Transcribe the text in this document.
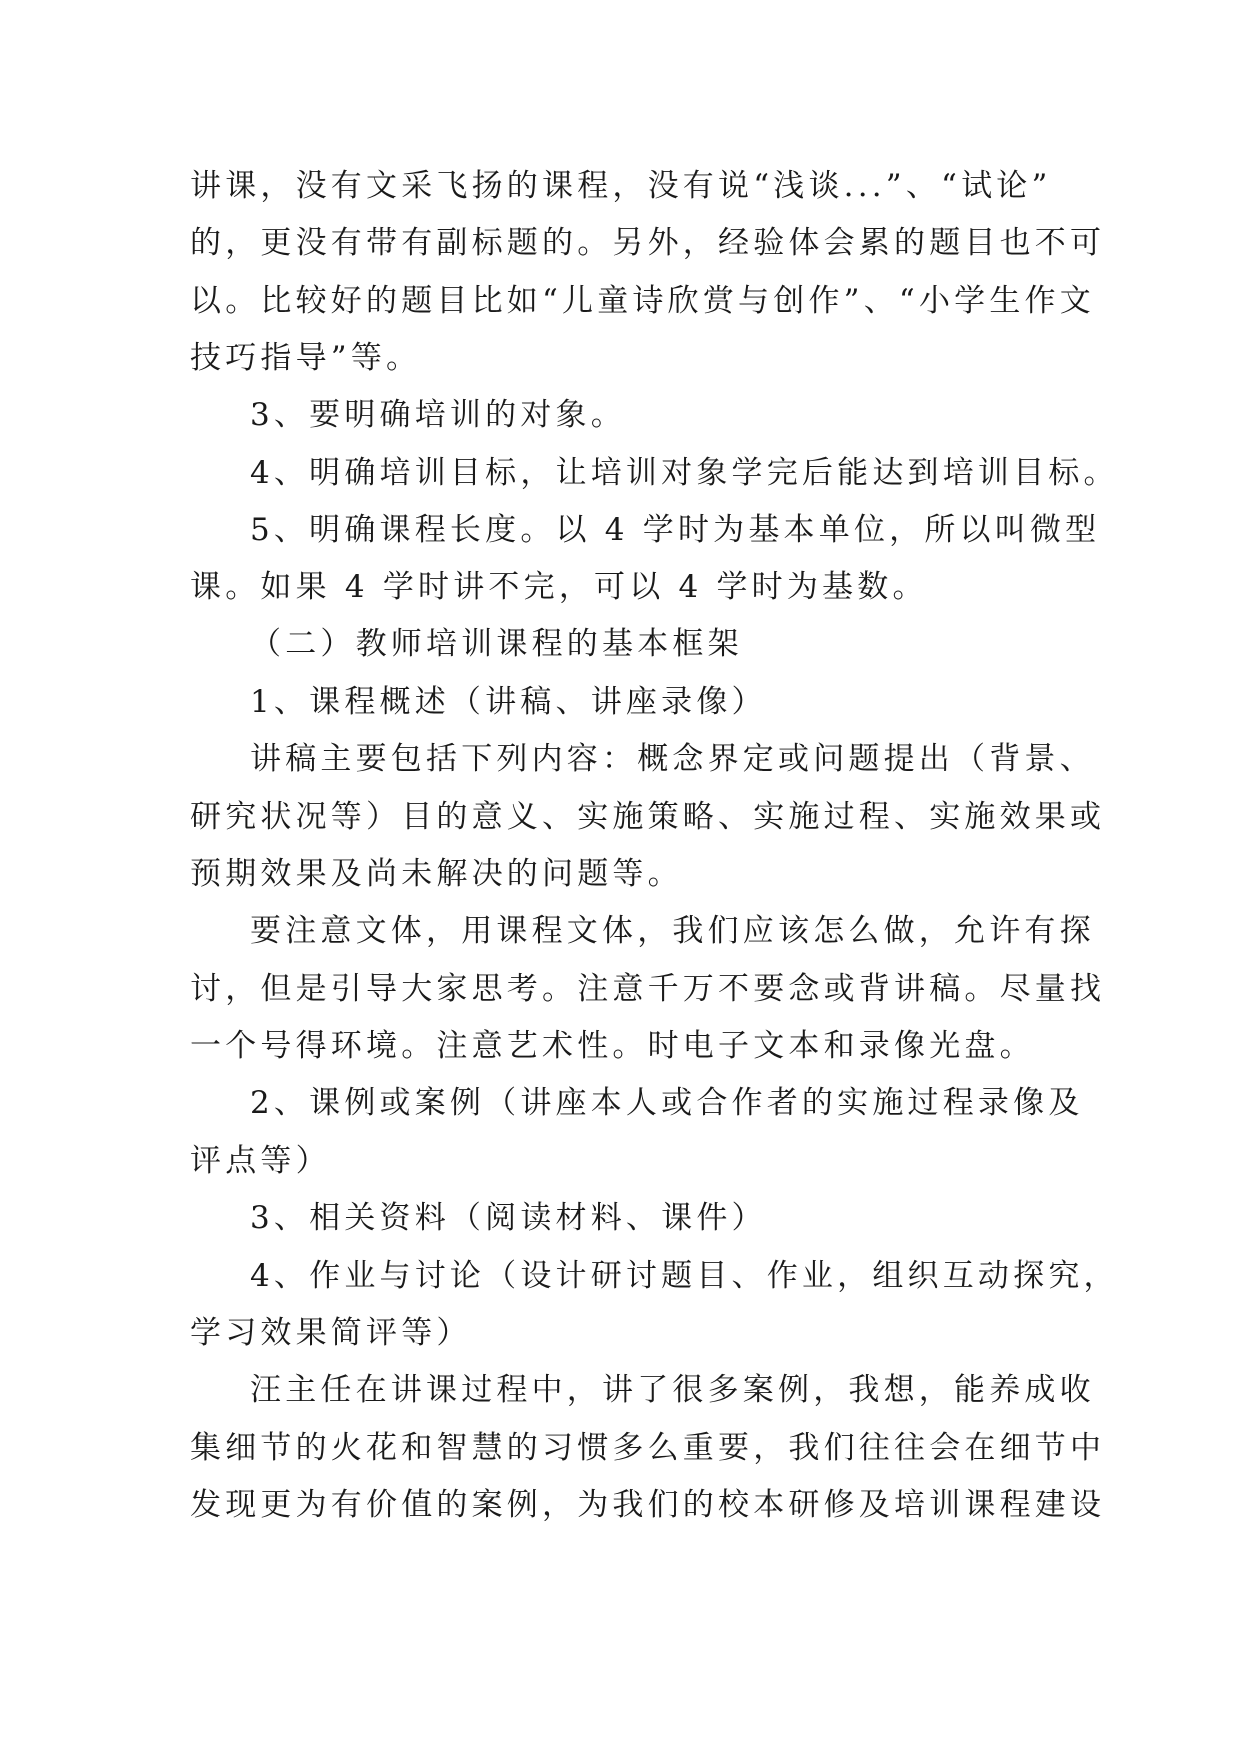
讲课，没有文采飞扬的课程，没有说“浅谈...”、“试论”
的，更没有带有副标题的。另外，经验体会累的题目也不可
以。比较好的题目比如“儿童诗欣赏与创作”、“小学生作文
技巧指导”等。
3、要明确培训的对象。
4、明确培训目标，让培训对象学完后能达到培训目标。
5、明确课程长度。以 4 学时为基本单位，所以叫微型
课。如果 4 学时讲不完，可以 4 学时为基数。
（二）教师培训课程的基本框架
1、课程概述（讲稿、讲座录像）
讲稿主要包括下列内容：概念界定或问题提出（背景、
研究状况等）目的意义、实施策略、实施过程、实施效果或
预期效果及尚未解决的问题等。
要注意文体，用课程文体，我们应该怎么做，允许有探
讨，但是引导大家思考。注意千万不要念或背讲稿。尽量找
一个号得环境。注意艺术性。时电子文本和录像光盘。
2、课例或案例（讲座本人或合作者的实施过程录像及
评点等）
3、相关资料（阅读材料、课件）
4、作业与讨论（设计研讨题目、作业，组织互动探究，
学习效果简评等）
汪主任在讲课过程中，讲了很多案例，我想，能养成收
集细节的火花和智慧的习惯多么重要，我们往往会在细节中
发现更为有价值的案例，为我们的校本研修及培训课程建设
